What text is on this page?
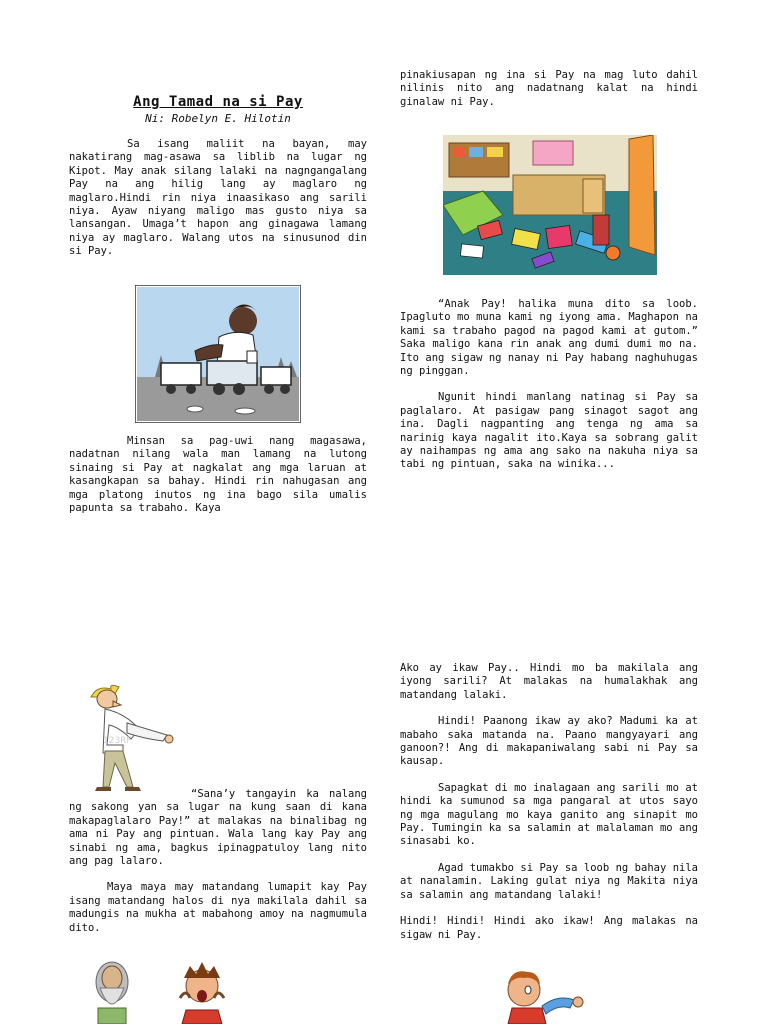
Ang Tamad na si Pay
Ni: Robelyn E. Hilotin

Sa isang maliit na bayan, may nakatirang mag-asawa sa liblib na lugar ng Kipot. May anak silang lalaki na nagngangalang Pay na ang hilig lang ay maglaro ng maglaro.Hindi rin niya inaasikaso ang sarili niya. Ayaw niyang maligo mas gusto niya sa lansangan. Umaga’t hapon ang ginagawa lamang niya ay maglaro. Walang utos na sinusunod din si Pay.

Minsan sa pag-uwi nang magasawa, nadatnan nilang wala man lamang na lutong sinaing si Pay at nagkalat ang mga laruan at kasangkapan sa bahay. Hindi rin nahugasan ang mga platong inutos ng ina bago sila umalis papunta sa trabaho. Kaya

123RF

“Sana’y tangayin ka nalang ng sakong yan sa lugar na kung saan di kana makapaglalaro Pay!” at malakas na binalibag ng ama ni Pay ang pintuan. Wala lang kay Pay ang sinabi ng ama, bagkus ipinagpatuloy lang nito ang pag lalaro.

Maya maya may matandang lumapit kay Pay isang matandang halos di nya makilala dahil sa madungis na mukha at mabahong amoy na nagmumula dito.

pinakiusapan ng ina si Pay na mag luto dahil nilinis nito ang nadatnang kalat na hindi ginalaw ni Pay.

“Anak Pay! halika muna dito sa loob. Ipagluto mo muna kami ng iyong ama. Maghapon na kami sa trabaho pagod na pagod kami at gutom.” Saka maligo kana rin anak ang dumi dumi mo na. Ito ang sigaw ng nanay ni Pay habang naghuhugas ng pinggan.

Ngunit hindi manlang natinag si Pay sa paglalaro. At pasigaw pang sinagot sagot ang ina. Dagli nagpanting ang tenga ng ama sa narinig kaya nagalit ito.Kaya sa sobrang galit ay naihampas ng ama ang sako na nakuha niya sa tabi ng pintuan, saka na winika...

Ako ay ikaw Pay.. Hindi mo ba makilala ang iyong sarili? At malakas na humalakhak ang matandang lalaki.

Hindi! Paanong ikaw ay ako? Madumi ka at mabaho saka matanda na. Paano mangyayari ang ganoon?! Ang di makapaniwalang sabi ni Pay sa kausap.

Sapagkat di mo inalagaan ang sarili mo at hindi ka sumunod sa mga pangaral at utos sayo ng mga magulang mo kaya ganito ang sinapit mo Pay. Tumingin ka sa salamin at malalaman mo ang sinasabi ko.

Agad tumakbo si Pay sa loob ng bahay nila at nanalamin. Laking gulat niya ng Makita niya sa salamin ang matandang lalaki!

Hindi! Hindi! Hindi ako ikaw! Ang malakas na sigaw ni Pay.
